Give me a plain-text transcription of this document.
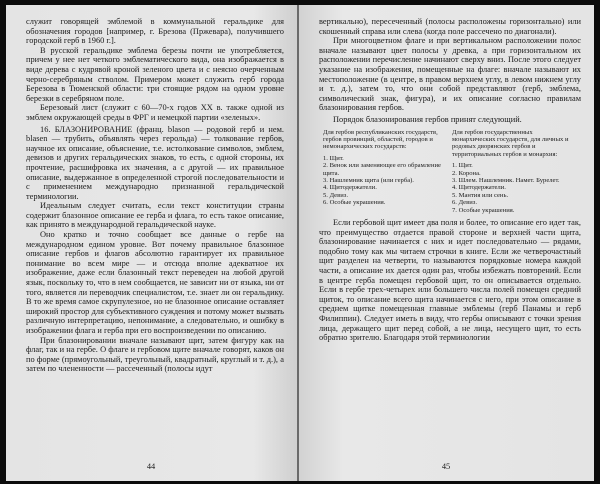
служит говорящей эмблемой в коммунальной геральдике для обозначения городов [например, г. Брезова (Пржевара), получившего городской герб в 1960 г.].

В русской геральдике эмблема березы почти не употребляется, причем у нее нет четкого эмблематического вида, она изображается в виде дерева с кудрявой кроной зеленого цвета и с неясно очерченным черно-серебряным стволом. Примером может служить герб города Березова в Тюменской области: три стоящие рядом на одном уровне березки в серебряном поле.

Березовый лист (служит с 60—70-х годов XX в. также одной из эмблем окружающей среды в ФРГ и немецкой партии «зеленых».

16. БЛАЗОНИРОВАНИЕ (франц. blason — родовой герб и нем. blasen — трубить, объявлять через герольда) — толкование гербов, научное их описание, объяснение, т.е. истолкование символов, эмблем, девизов и других геральдических знаков, то есть, с одной стороны, их прочтение, расшифровка их значения, а с другой — их правильное описание, выдержанное в определенной строгой последовательности и с применением международно признанной геральдической терминологии.

Идеальным следует считать, если текст конституции страны содержит блазонное описание ее герба и флага, то есть такое описание, как принято в международной геральдической науке.

Оно кратко и точно сообщает все данные о гербе на международном едином уровне. Вот почему правильное блазонное описание гербов и флагов абсолютно гарантирует их правильное понимание во всем мире — и отсюда вполне адекватное их изображение, даже если блазонный текст переведен на любой другой язык, поскольку то, что в нем сообщается, не зависит ни от языка, ни от того, является ли переводчик специалистом, т.е. знает ли он геральдику. В то же время самое скрупулезное, но не блазонное описание оставляет широкий простор для субъективного суждения и потому может вызвать различную интерпретацию, непонимание, а следовательно, и ошибку в изображении флага и герба при его воспроизведении по описанию.

При блазонировании вначале называют щит, затем фигуру как на флаг, так и на гербе. О флаге и гербовом щите вначале говорят, каков он по форме (прямоугольный, треугольный, квадратный, круглый и т. д.), а затем по члененности — рассеченный (полосы идут

44

вертикально), пересеченный (полосы расположены горизонтально) или скошенный справа или слева (когда поле рассечено по диагонали).

При многоцветном флаге и при вертикальном расположении полос вначале называют цвет полосы у древка, а при горизонтальном их расположении перечисление начинают сверху вниз. После этого следует указание на изображения, помещенные на флаге: вначале называют их местоположение (в центре, в правом верхнем углу, в левом нижнем углу и т. д.), затем то, что они собой представляют (герб, эмблема, символический знак, фигура), и их описание согласно правилам блазонирования гербов.

Порядок блазонирования гербов принят следующий.

Для гербов республиканских государств, гербов провинций, областей, городов и немонархических государств:
1. Щит.
2. Венок или заменяющее его обрамление щита.
3. Нашлемник щита (или герба).
4. Щитодержатели.
5. Девиз.
6. Особые украшения.
Для гербов государственных монархических государств, для личных и родовых дворянских гербов и территориальных гербов и монархия:
1. Щит.
2. Корона.
3. Шлем. Нашлемник. Намет. Бурелет.
4. Щитодержатели.
5. Мантия или сень.
6. Девиз.
7. Особые украшения.

Если гербовой щит имеет два поля и более, то описание его идет так, что преимущество отдается правой стороне и верхней части щита, блазонирование начинается с них и идет последовательно — рядами, подобно тому как мы читаем строчки в книге. Если же четверочастный щит разделен на четверти, то называются порядковые номера каждой части, а описание их дается один раз, чтобы избежать повторений. Если в центре герба помещен гербовой щит, то он описывается отдельно. Если в гербе трех-четырех или большего числа полей помещен средний щиток, то описание всего щита начинается с него, при этом описание в среднем щитке помещенная главные эмблемы (герб Панамы и герб Филиппин). Следует иметь в виду, что гербы описывают с точки зрения лица, держащего щит перед собой, а не лица, несущего щит, то есть обратно зрителю. Благодаря этой терминологии

45
